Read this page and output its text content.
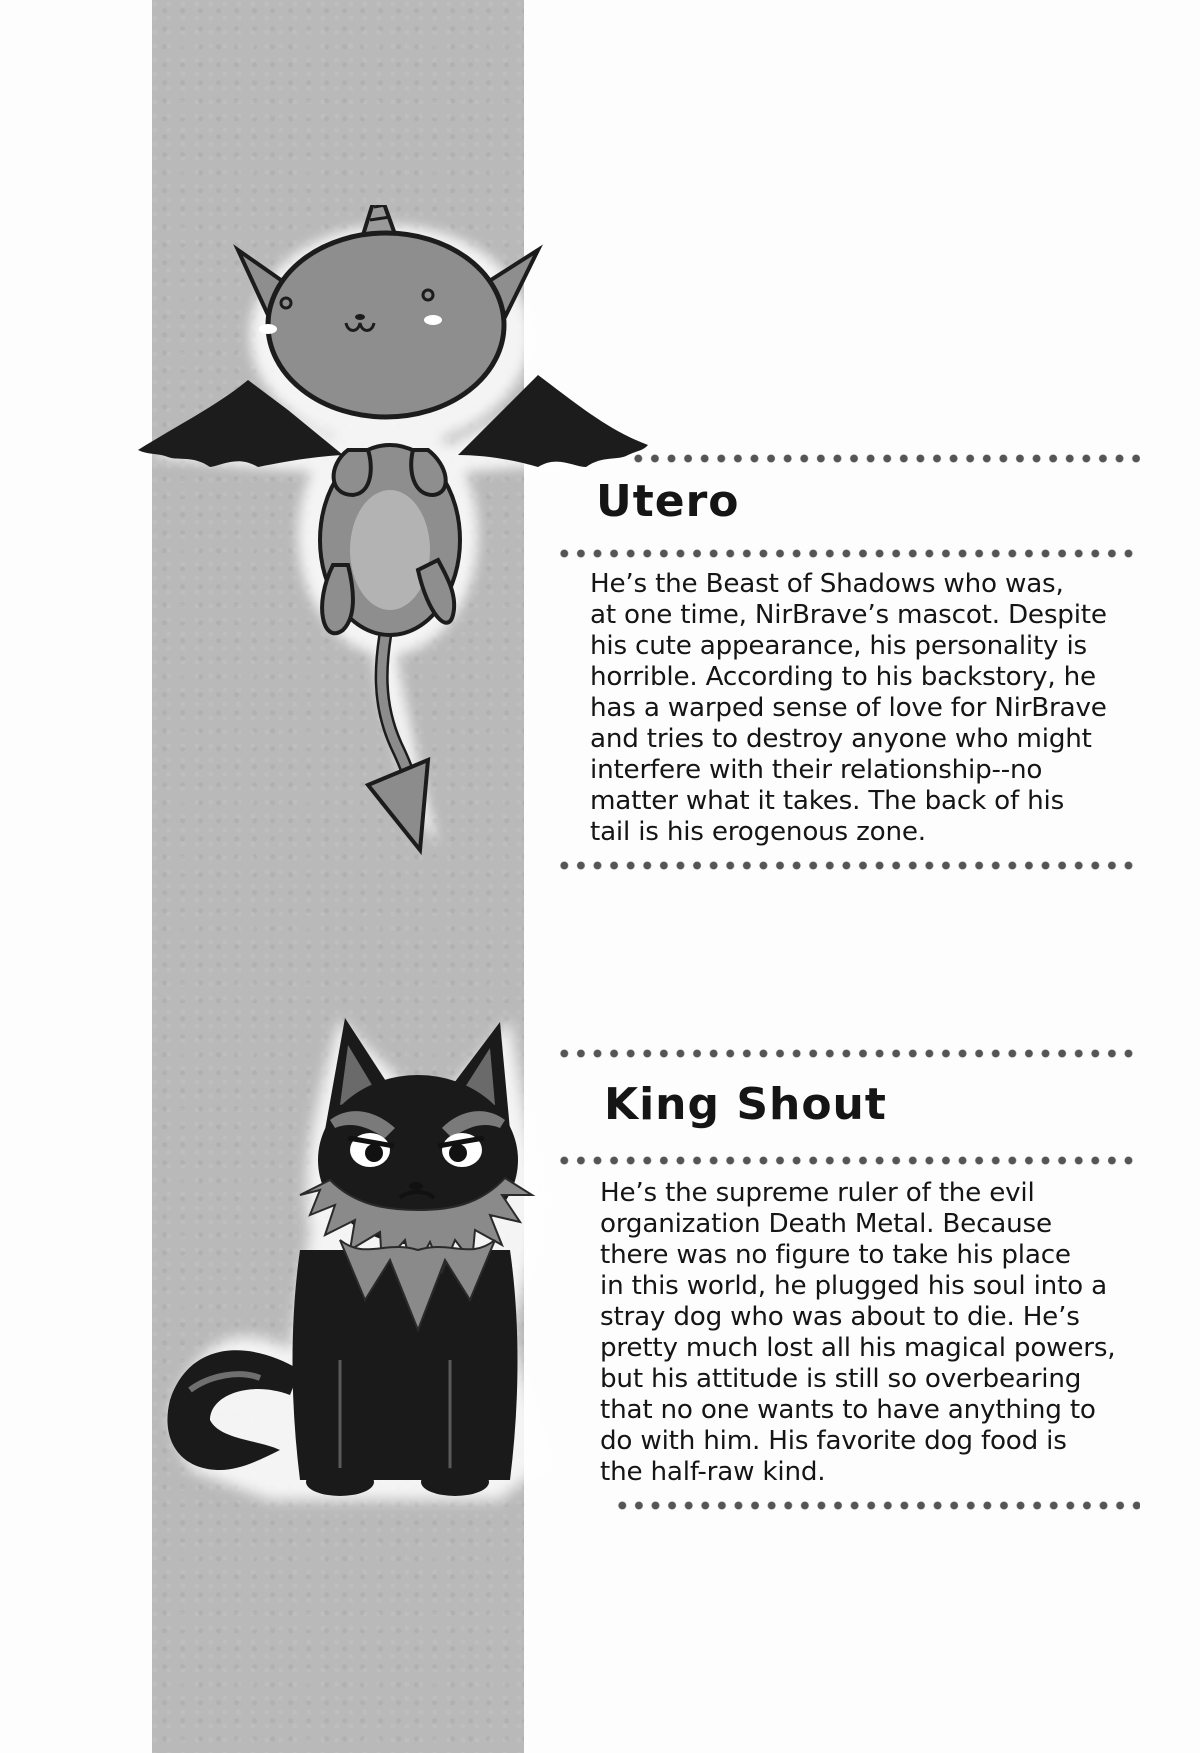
Utero
He’s the Beast of Shadows who was,
at one time, NirBrave’s mascot. Despite
his cute appearance, his personality is
horrible. According to his backstory, he
has a warped sense of love for NirBrave
and tries to destroy anyone who might
interfere with their relationship--no
matter what it takes. The back of his
tail is his erogenous zone.
King Shout
He’s the supreme ruler of the evil
organization Death Metal. Because
there was no figure to take his place
in this world, he plugged his soul into a
stray dog who was about to die. He’s
pretty much lost all his magical powers,
but his attitude is still so overbearing
that no one wants to have anything to
do with him. His favorite dog food is
the half-raw kind.
